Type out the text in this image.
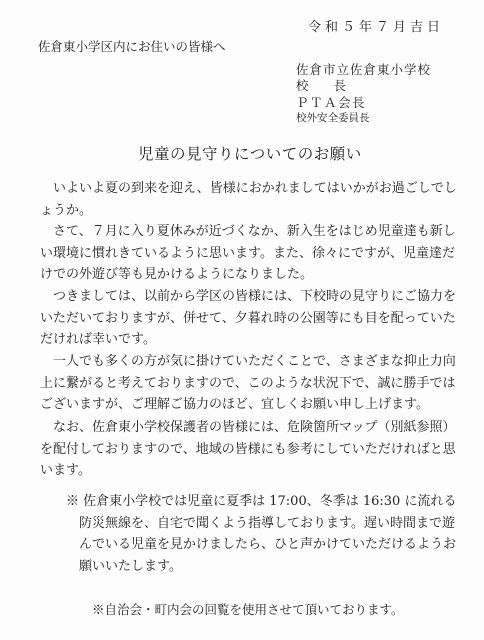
令和５年７月吉日
佐倉東小学区内にお住いの皆様へ
佐倉市立佐倉東小学校
校　　長
ＰＴＡ会長
校外安全委員長
児童の見守りについてのお願い
いよいよ夏の到来を迎え、皆様におかれましてはいかがお過ごしでしょうか。
さて、７月に入り夏休みが近づくなか、新入生をはじめ児童達も新しい環境に慣れきているように思います。また、徐々にですが、児童達だけでの外遊び等も見かけるようになりました。
つきましては、以前から学区の皆様には、下校時の見守りにご協力をいただいておりますが、併せて、夕暮れ時の公園等にも目を配っていただければ幸いです。
一人でも多くの方が気に掛けていただくことで、さまざまな抑止力向上に繋がると考えておりますので、このような状況下で、誠に勝手ではございますが、ご理解ご協力のほど、宜しくお願い申し上げます。
なお、佐倉東小学校保護者の皆様には、危険箇所マップ（別紙参照）を配付しておりますので、地域の皆様にも参考にしていただければと思います。
※ 佐倉東小学校では児童に夏季は 17:00、冬季は 16:30 に流れる防災無線を、自宅で聞くよう指導しております。遅い時間まで遊んでいる児童を見かけましたら、ひと声かけていただけるようお願いいたします。
※自治会・町内会の回覧を使用させて頂いております。
